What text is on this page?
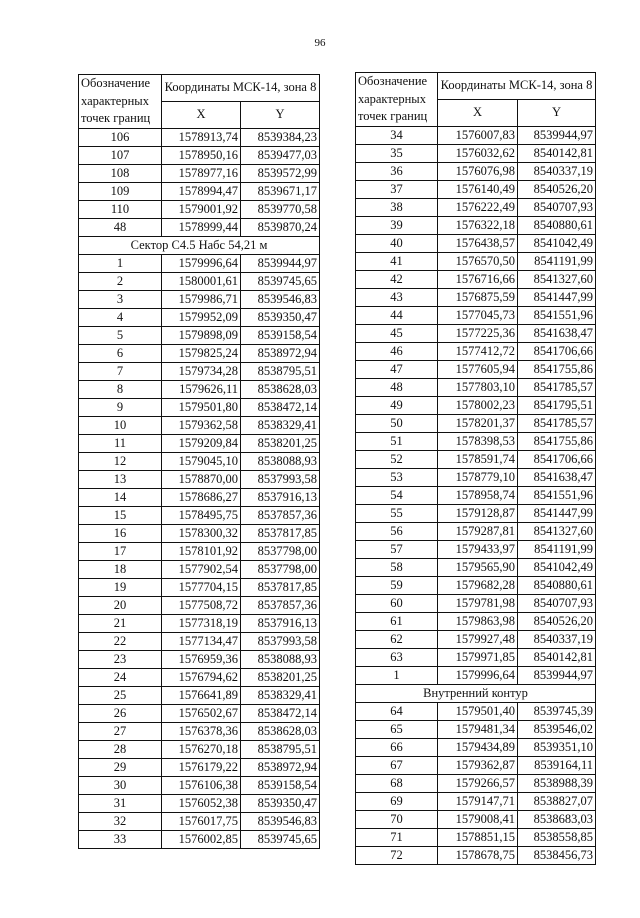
96
Обозначение характерных точек границ	Координаты МСК-14, зона 8	
	X	Y
106	1578913,74	8539384,23
107	1578950,16	8539477,03
108	1578977,16	8539572,99
109	1578994,47	8539671,17
110	1579001,92	8539770,58
48	1578999,44	8539870,24
Сектор С4.5 Набс 54,21 м		
1	1579996,64	8539944,97
2	1580001,61	8539745,65
3	1579986,71	8539546,83
4	1579952,09	8539350,47
5	1579898,09	8539158,54
6	1579825,24	8538972,94
7	1579734,28	8538795,51
8	1579626,11	8538628,03
9	1579501,80	8538472,14
10	1579362,58	8538329,41
11	1579209,84	8538201,25
12	1579045,10	8538088,93
13	1578870,00	8537993,58
14	1578686,27	8537916,13
15	1578495,75	8537857,36
16	1578300,32	8537817,85
17	1578101,92	8537798,00
18	1577902,54	8537798,00
19	1577704,15	8537817,85
20	1577508,72	8537857,36
21	1577318,19	8537916,13
22	1577134,47	8537993,58
23	1576959,36	8538088,93
24	1576794,62	8538201,25
25	1576641,89	8538329,41
26	1576502,67	8538472,14
27	1576378,36	8538628,03
28	1576270,18	8538795,51
29	1576179,22	8538972,94
30	1576106,38	8539158,54
31	1576052,38	8539350,47
32	1576017,75	8539546,83
33	1576002,85	8539745,65
Обозначение характерных точек границ	Координаты МСК-14, зона 8	
	X	Y
34	1576007,83	8539944,97
35	1576032,62	8540142,81
36	1576076,98	8540337,19
37	1576140,49	8540526,20
38	1576222,49	8540707,93
39	1576322,18	8540880,61
40	1576438,57	8541042,49
41	1576570,50	8541191,99
42	1576716,66	8541327,60
43	1576875,59	8541447,99
44	1577045,73	8541551,96
45	1577225,36	8541638,47
46	1577412,72	8541706,66
47	1577605,94	8541755,86
48	1577803,10	8541785,57
49	1578002,23	8541795,51
50	1578201,37	8541785,57
51	1578398,53	8541755,86
52	1578591,74	8541706,66
53	1578779,10	8541638,47
54	1578958,74	8541551,96
55	1579128,87	8541447,99
56	1579287,81	8541327,60
57	1579433,97	8541191,99
58	1579565,90	8541042,49
59	1579682,28	8540880,61
60	1579781,98	8540707,93
61	1579863,98	8540526,20
62	1579927,48	8540337,19
63	1579971,85	8540142,81
1	1579996,64	8539944,97
Внутренний контур		
64	1579501,40	8539745,39
65	1579481,34	8539546,02
66	1579434,89	8539351,10
67	1579362,87	8539164,11
68	1579266,57	8538988,39
69	1579147,71	8538827,07
70	1579008,41	8538683,03
71	1578851,15	8538558,85
72	1578678,75	8538456,73
